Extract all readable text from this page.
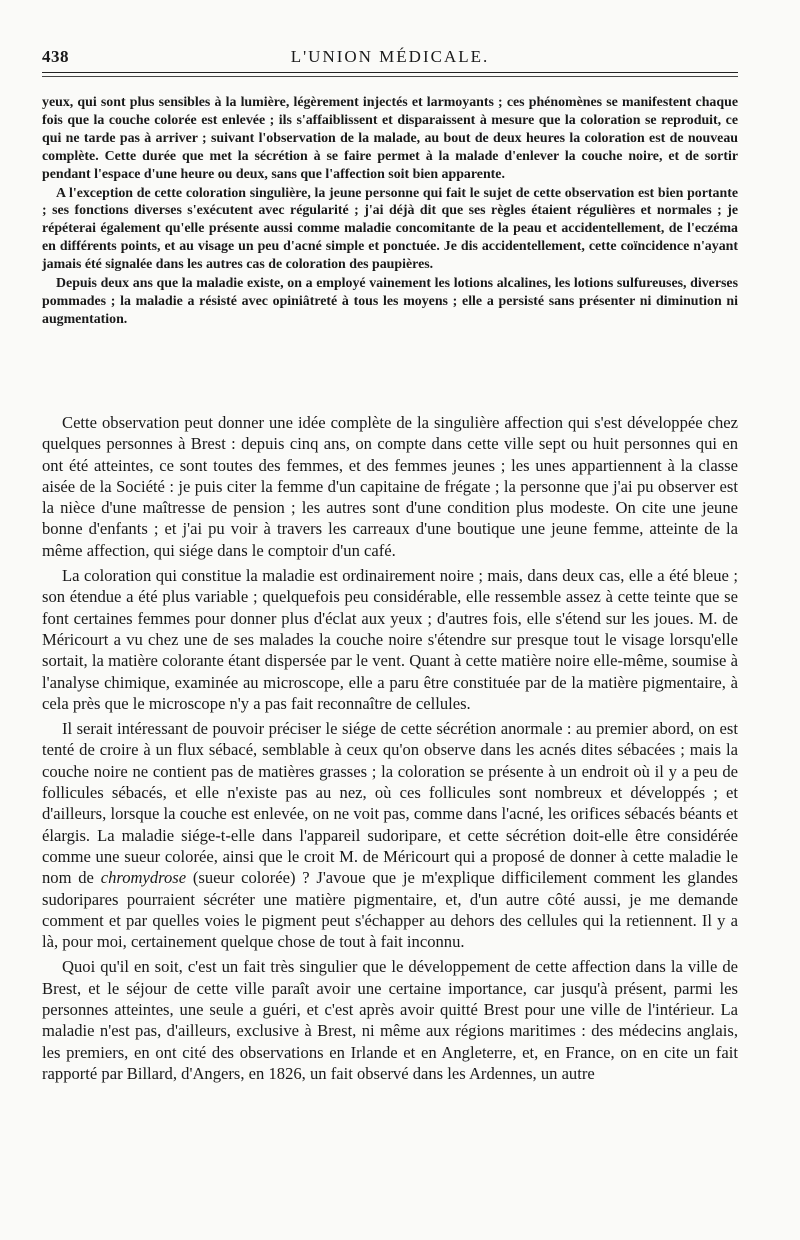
438	L'UNION MÉDICALE.

yeux, qui sont plus sensibles à la lumière, légèrement injectés et larmoyants ; ces phénomènes se manifestent chaque fois que la couche colorée est enlevée ; ils s'affaiblissent et disparaissent à mesure que la coloration se reproduit, ce qui ne tarde pas à arriver ; suivant l'observation de la malade, au bout de deux heures la coloration est de nouveau complète. Cette durée que met la sécrétion à se faire permet à la malade d'enlever la couche noire, et de sortir pendant l'espace d'une heure ou deux, sans que l'affection soit bien apparente.

A l'exception de cette coloration singulière, la jeune personne qui fait le sujet de cette observation est bien portante ; ses fonctions diverses s'exécutent avec régularité ; j'ai déjà dit que ses règles étaient régulières et normales ; je répéterai également qu'elle présente aussi comme maladie concomitante de la peau et accidentellement, de l'eczéma en différents points, et au visage un peu d'acné simple et ponctuée. Je dis accidentellement, cette coïncidence n'ayant jamais été signalée dans les autres cas de coloration des paupières.

Depuis deux ans que la maladie existe, on a employé vainement les lotions alcalines, les lotions sulfureuses, diverses pommades ; la maladie a résisté avec opiniâtreté à tous les moyens ; elle a persisté sans présenter ni diminution ni augmentation.

Cette observation peut donner une idée complète de la singulière affection qui s'est développée chez quelques personnes à Brest : depuis cinq ans, on compte dans cette ville sept ou huit personnes qui en ont été atteintes, ce sont toutes des femmes, et des femmes jeunes ; les unes appartiennent à la classe aisée de la Société : je puis citer la femme d'un capitaine de frégate ; la personne que j'ai pu observer est la nièce d'une maîtresse de pension ; les autres sont d'une condition plus modeste. On cite une jeune bonne d'enfants ; et j'ai pu voir à travers les carreaux d'une boutique une jeune femme, atteinte de la même affection, qui siége dans le comptoir d'un café.

La coloration qui constitue la maladie est ordinairement noire ; mais, dans deux cas, elle a été bleue ; son étendue a été plus variable ; quelquefois peu considérable, elle ressemble assez à cette teinte que se font certaines femmes pour donner plus d'éclat aux yeux ; d'autres fois, elle s'étend sur les joues. M. de Méricourt a vu chez une de ses malades la couche noire s'étendre sur presque tout le visage lorsqu'elle sortait, la matière colorante étant dispersée par le vent. Quant à cette matière noire elle-même, soumise à l'analyse chimique, examinée au microscope, elle a paru être constituée par de la matière pigmentaire, à cela près que le microscope n'y a pas fait reconnaître de cellules.

Il serait intéressant de pouvoir préciser le siége de cette sécrétion anormale : au premier abord, on est tenté de croire à un flux sébacé, semblable à ceux qu'on observe dans les acnés dites sébacées ; mais la couche noire ne contient pas de matières grasses ; la coloration se présente à un endroit où il y a peu de follicules sébacés, et elle n'existe pas au nez, où ces follicules sont nombreux et développés ; et d'ailleurs, lorsque la couche est enlevée, on ne voit pas, comme dans l'acné, les orifices sébacés béants et élargis. La maladie siége-t-elle dans l'appareil sudoripare, et cette sécrétion doit-elle être considérée comme une sueur colorée, ainsi que le croit M. de Méricourt qui a proposé de donner à cette maladie le nom de chromydrose (sueur colorée) ? J'avoue que je m'explique difficilement comment les glandes sudoripares pourraient sécréter une matière pigmentaire, et, d'un autre côté aussi, je me demande comment et par quelles voies le pigment peut s'échapper au dehors des cellules qui la retiennent. Il y a là, pour moi, certainement quelque chose de tout à fait inconnu.

Quoi qu'il en soit, c'est un fait très singulier que le développement de cette affection dans la ville de Brest, et le séjour de cette ville paraît avoir une certaine importance, car jusqu'à présent, parmi les personnes atteintes, une seule a guéri, et c'est après avoir quitté Brest pour une ville de l'intérieur. La maladie n'est pas, d'ailleurs, exclusive à Brest, ni même aux régions maritimes : des médecins anglais, les premiers, en ont cité des observations en Irlande et en Angleterre, et, en France, on en cite un fait rapporté par Billard, d'Angers, en 1826, un fait observé dans les Ardennes, un autre
